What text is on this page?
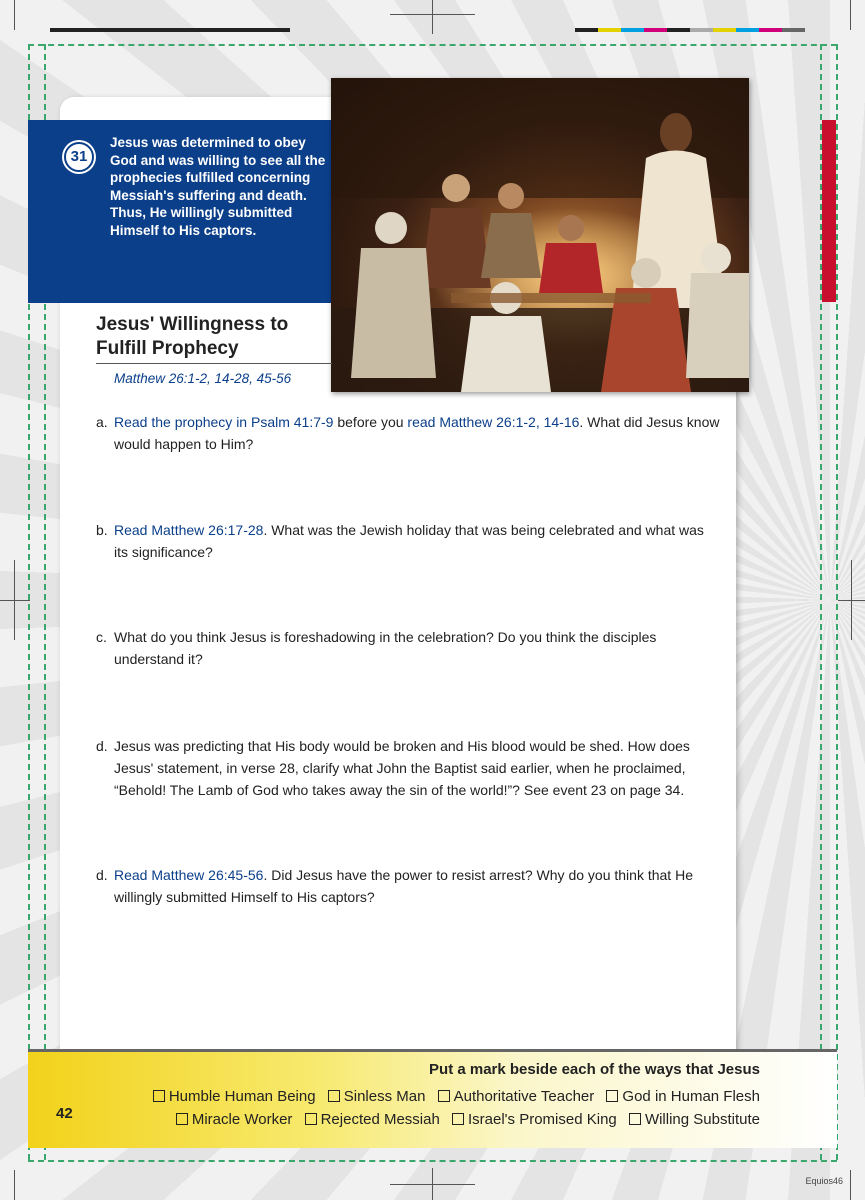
31
Jesus was determined to obey God and was willing to see all the prophecies fulfilled concerning Messiah's suffering and death. Thus, He willingly submitted Himself to His captors.
Jesus' Willingness to
Fulfill Prophecy
Matthew 26:1-2, 14-28, 45-56
a. Read the prophecy in Psalm 41:7-9 before you read Matthew 26:1-2, 14-16. What did Jesus know
would happen to Him?
b. Read Matthew 26:17-28. What was the Jewish holiday that was being celebrated and what was
its significance?
c. What do you think Jesus is foreshadowing in the celebration? Do you think the disciples
understand it?
d. Jesus was predicting that His body would be broken and His blood would be shed. How does
Jesus' statement, in verse 28, clarify what John the Baptist said earlier, when he proclaimed,
“Behold! The Lamb of God who takes away the sin of the world!”? See event 23 on page 34.
d. Read Matthew 26:45-56. Did Jesus have the power to resist arrest? Why do you think that He
willingly submitted Himself to His captors?
42
Put a mark beside each of the ways that Jesus
Humble Human Being Sinless Man Authoritative Teacher God in Human Flesh
Miracle Worker Rejected Messiah Israel's Promised King Willing Substitute
Equios46
